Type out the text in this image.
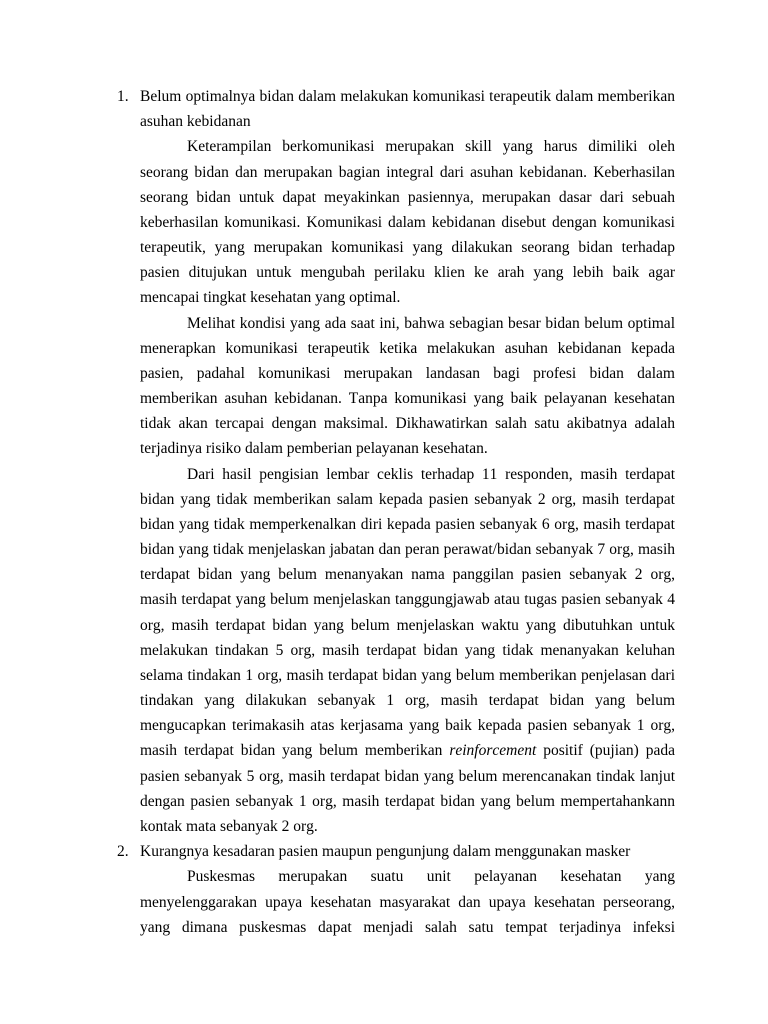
1. Belum optimalnya bidan dalam melakukan komunikasi terapeutik dalam memberikan asuhan kebidanan

Keterampilan berkomunikasi merupakan skill yang harus dimiliki oleh seorang bidan dan merupakan bagian integral dari asuhan kebidanan. Keberhasilan seorang bidan untuk dapat meyakinkan pasiennya, merupakan dasar dari sebuah keberhasilan komunikasi. Komunikasi dalam kebidanan disebut dengan komunikasi terapeutik, yang merupakan komunikasi yang dilakukan seorang bidan terhadap pasien ditujukan untuk mengubah perilaku klien ke arah yang lebih baik agar mencapai tingkat kesehatan yang optimal.

Melihat kondisi yang ada saat ini, bahwa sebagian besar bidan belum optimal menerapkan komunikasi terapeutik ketika melakukan asuhan kebidanan kepada pasien, padahal komunikasi merupakan landasan bagi profesi bidan dalam memberikan asuhan kebidanan. Tanpa komunikasi yang baik pelayanan kesehatan tidak akan tercapai dengan maksimal. Dikhawatirkan salah satu akibatnya adalah terjadinya risiko dalam pemberian pelayanan kesehatan.

Dari hasil pengisian lembar ceklis terhadap 11 responden, masih terdapat bidan yang tidak memberikan salam kepada pasien sebanyak 2 org, masih terdapat bidan yang tidak memperkenalkan diri kepada pasien sebanyak 6 org, masih terdapat bidan yang tidak menjelaskan jabatan dan peran perawat/bidan sebanyak 7 org, masih terdapat bidan yang belum menanyakan nama panggilan pasien sebanyak 2 org, masih terdapat yang belum menjelaskan tanggungjawab atau tugas pasien sebanyak 4 org, masih terdapat bidan yang belum menjelaskan waktu yang dibutuhkan untuk melakukan tindakan 5 org, masih terdapat bidan yang tidak menanyakan keluhan selama tindakan 1 org, masih terdapat bidan yang belum memberikan penjelasan dari tindakan yang dilakukan sebanyak 1 org, masih terdapat bidan yang belum mengucapkan terimakasih atas kerjasama yang baik kepada pasien sebanyak 1 org, masih terdapat bidan yang belum memberikan reinforcement positif (pujian) pada pasien sebanyak 5 org, masih terdapat bidan yang belum merencanakan tindak lanjut dengan pasien sebanyak 1 org, masih terdapat bidan yang belum mempertahankann kontak mata sebanyak 2 org.

2. Kurangnya kesadaran pasien maupun pengunjung dalam menggunakan masker

Puskesmas merupakan suatu unit pelayanan kesehatan yang menyelenggarakan upaya kesehatan masyarakat dan upaya kesehatan perseorang, yang dimana puskesmas dapat menjadi salah satu tempat terjadinya infeksi
